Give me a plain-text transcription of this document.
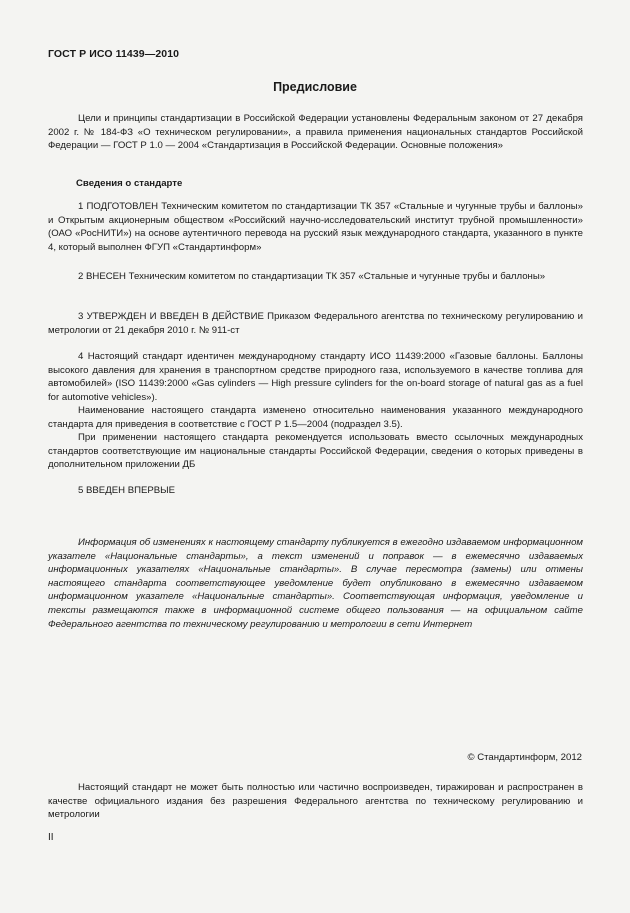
ГОСТ Р ИСО 11439—2010
Предисловие

Цели и принципы стандартизации в Российской Федерации установлены Федеральным законом от 27 декабря 2002 г. № 184-ФЗ «О техническом регулировании», а правила применения национальных стандартов Российской Федерации — ГОСТ Р 1.0 — 2004 «Стандартизация в Российской Федерации. Основные положения»

Сведения о стандарте

1 ПОДГОТОВЛЕН Техническим комитетом по стандартизации ТК 357 «Стальные и чугунные трубы и баллоны» и Открытым акционерным обществом «Российский научно-исследовательский институт трубной промышленности» (ОАО «РосНИТИ») на основе аутентичного перевода на русский язык международного стандарта, указанного в пункте 4, который выполнен ФГУП «Стандартинформ»

2 ВНЕСЕН Техническим комитетом по стандартизации ТК 357 «Стальные и чугунные трубы и баллоны»

3 УТВЕРЖДЕН И ВВЕДЕН В ДЕЙСТВИЕ Приказом Федерального агентства по техническому регулированию и метрологии от 21 декабря 2010 г. № 911-ст

4 Настоящий стандарт идентичен международному стандарту ИСО 11439:2000 «Газовые баллоны. Баллоны высокого давления для хранения в транспортном средстве природного газа, используемого в качестве топлива для автомобилей» (ISO 11439:2000 «Gas cylinders — High pressure cylinders for the on-board storage of natural gas as a fuel for automotive vehicles»).

Наименование настоящего стандарта изменено относительно наименования указанного международного стандарта для приведения в соответствие с ГОСТ Р 1.5—2004 (подраздел 3.5).

При применении настоящего стандарта рекомендуется использовать вместо ссылочных международных стандартов соответствующие им национальные стандарты Российской Федерации, сведения о которых приведены в дополнительном приложении ДБ

5 ВВЕДЕН ВПЕРВЫЕ

Информация об изменениях к настоящему стандарту публикуется в ежегодно издаваемом информационном указателе «Национальные стандарты», а текст изменений и поправок — в ежемесячно издаваемых информационных указателях «Национальные стандарты». В случае пересмотра (замены) или отмены настоящего стандарта соответствующее уведомление будет опубликовано в ежемесячно издаваемом информационном указателе «Национальные стандарты». Соответствующая информация, уведомление и тексты размещаются также в информационной системе общего пользования — на официальном сайте Федерального агентства по техническому регулированию и метрологии в сети Интернет

© Стандартинформ, 2012

Настоящий стандарт не может быть полностью или частично воспроизведен, тиражирован и распространен в качестве официального издания без разрешения Федерального агентства по техническому регулированию и метрологии

II
